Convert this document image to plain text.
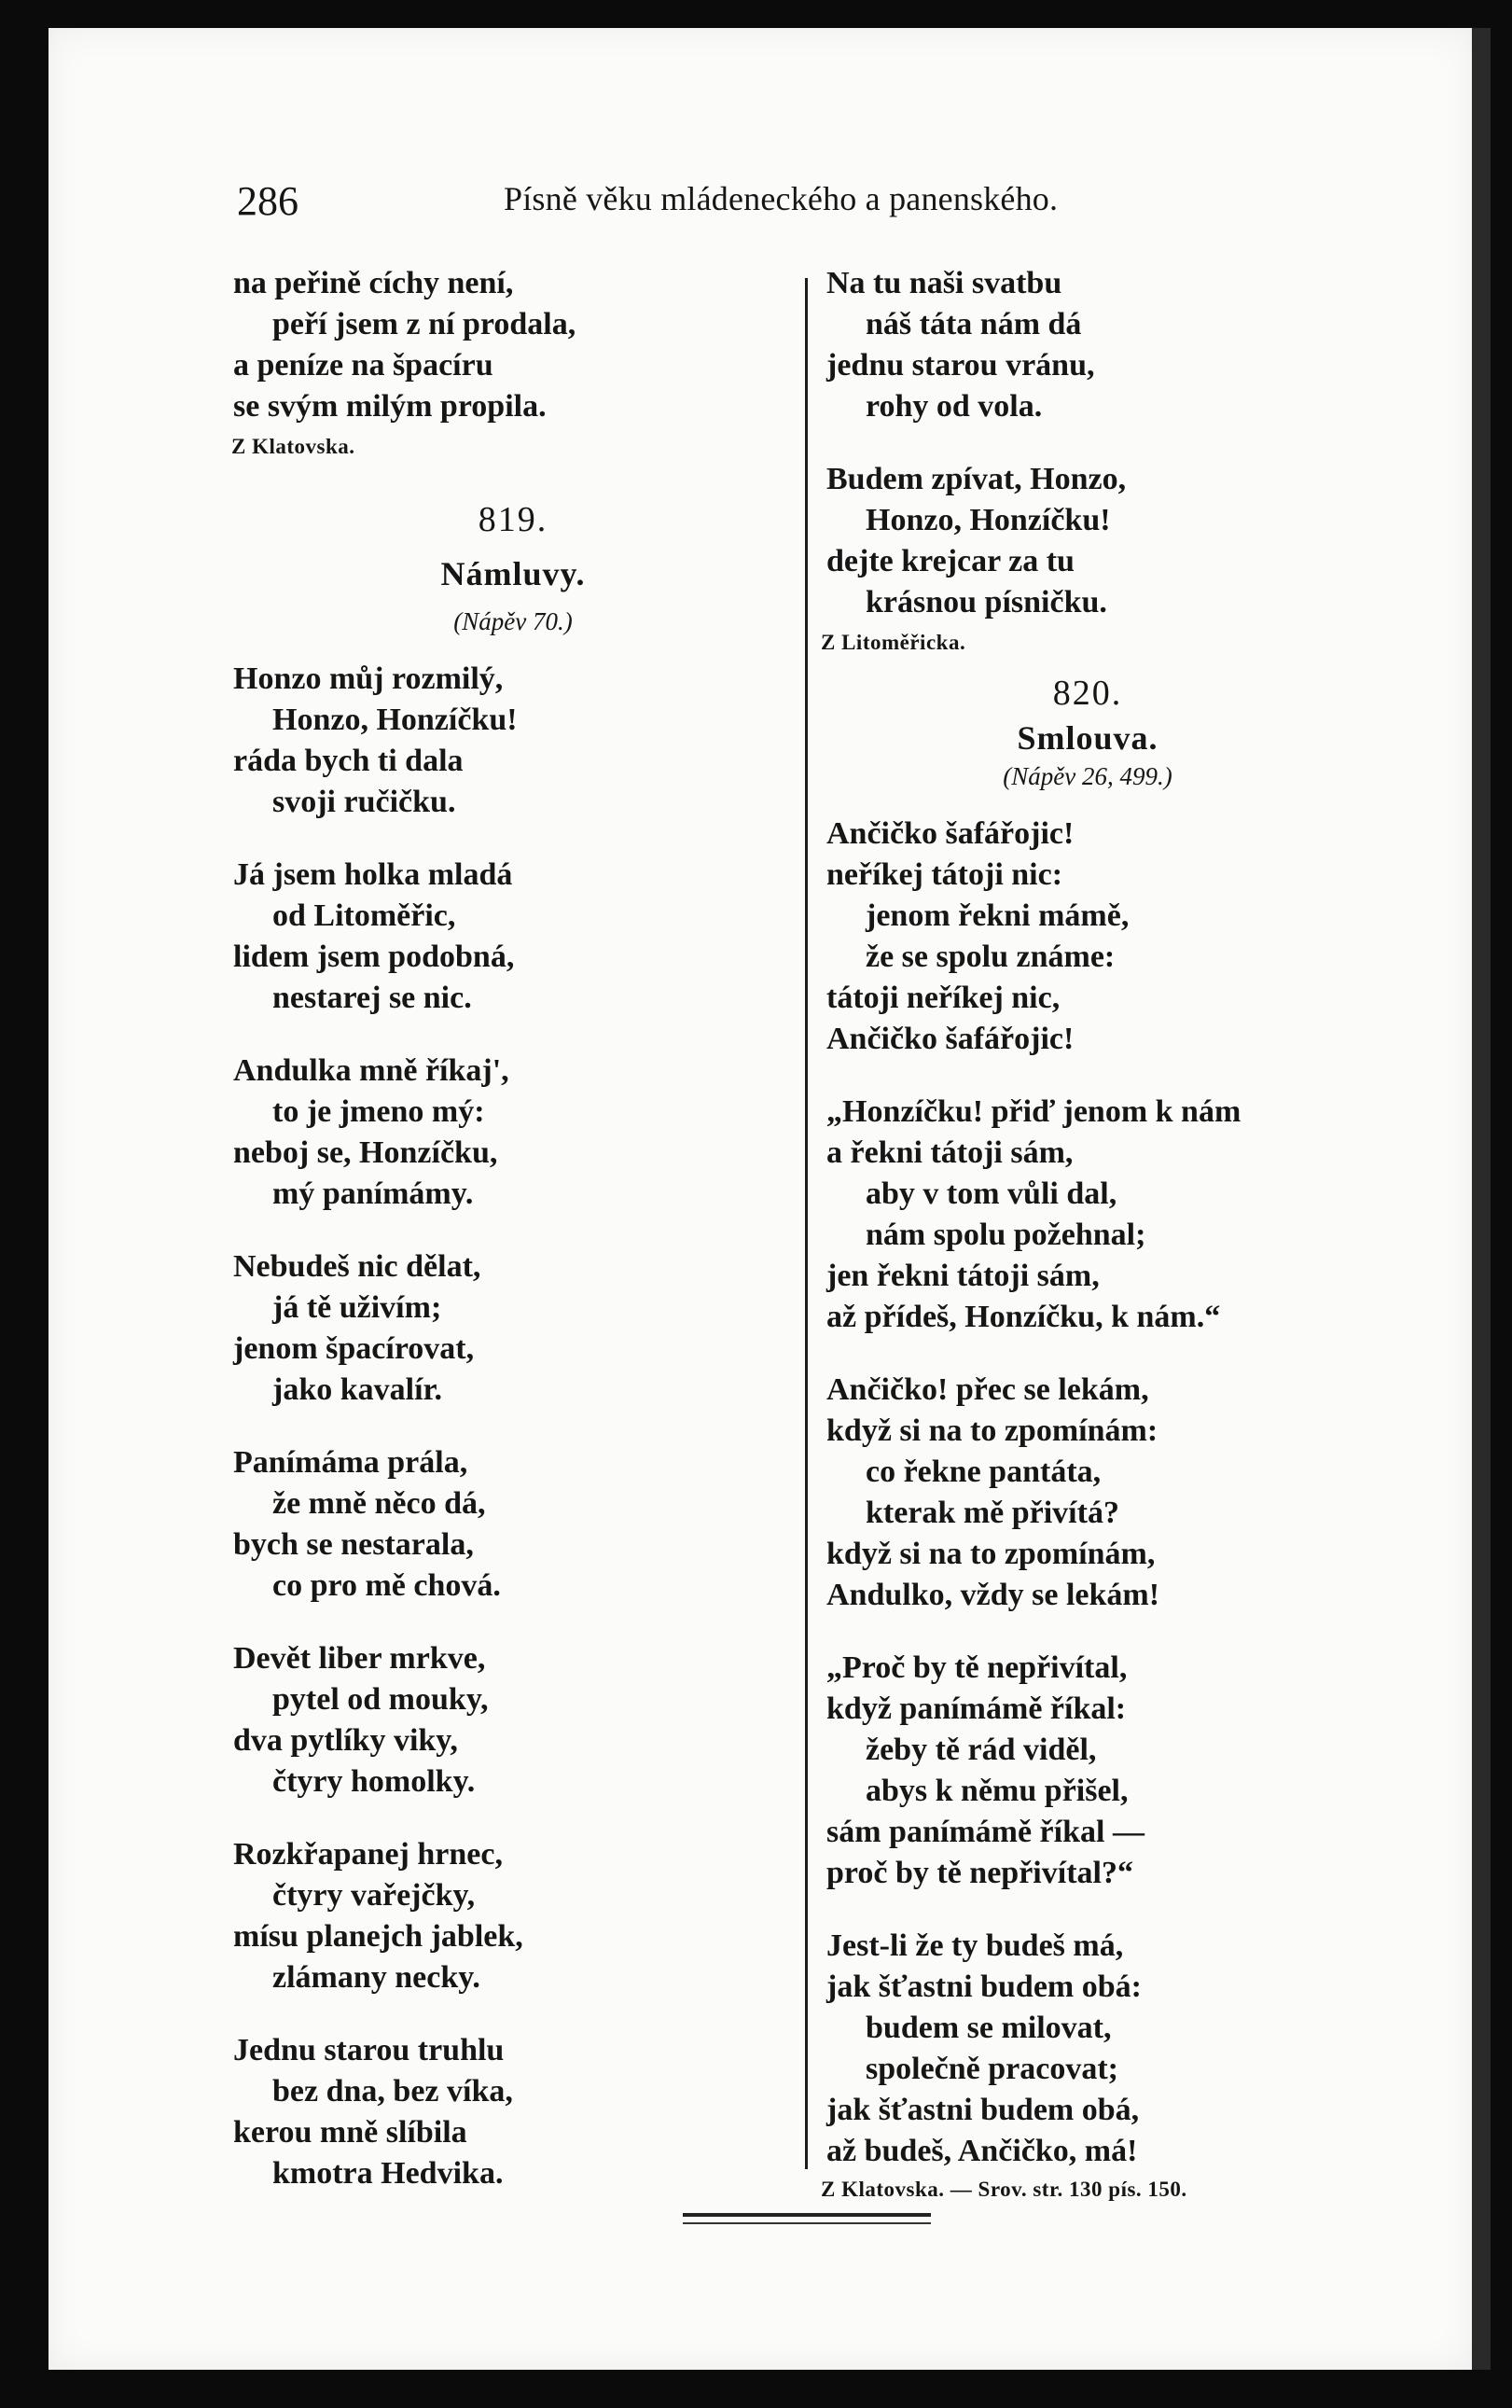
286	Písně věku mládeneckého a panenského.
na peřině cíchy není,
peří jsem z ní prodala,
a peníze na špacíru
se svým milým propila.
Z Klatovska.
819.
Námluvy.
(Nápěv 70.)
Honzo můj rozmilý,
Honzo, Honzíčku!
ráda bych ti dala
svoji ručičku.
Já jsem holka mladá
od Litoměřic,
lidem jsem podobná,
nestarej se nic.
Andulka mně říkaj',
to je jmeno mý:
neboj se, Honzíčku,
mý panímámy.
Nebudeš nic dělat,
já tě uživím;
jenom špacírovat,
jako kavalír.
Panímáma prála,
že mně něco dá,
bych se nestarala,
co pro mě chová.
Devět liber mrkve,
pytel od mouky,
dva pytlíky viky,
čtyry homolky.
Rozkřapanej hrnec,
čtyry vařejčky,
mísu planejch jablek,
zlámany necky.
Jednu starou truhlu
bez dna, bez víka,
kerou mně slíbila
kmotra Hedvika.
Na tu naši svatbu
náš táta nám dá
jednu starou vránu,
rohy od vola.
Budem zpívat, Honzo,
Honzo, Honzíčku!
dejte krejcar za tu
krásnou písničku.
Z Litoměřicka.
820.
Smlouva.
(Nápěv 26, 499.)
Ančičko šafářojic!
neříkej tátoji nic:
jenom řekni mámě,
že se spolu známe:
tátoji neříkej nic,
Ančičko šafářojic!
„Honzíčku! přiď jenom k nám
a řekni tátoji sám,
aby v tom vůli dal,
nám spolu požehnal;
jen řekni tátoji sám,
až přídeš, Honzíčku, k nám.“
Ančičko! přec se lekám,
když si na to zpomínám:
co řekne pantáta,
kterak mě přivítá?
když si na to zpomínám,
Andulko, vždy se lekám!
„Proč by tě nepřivítal,
když panímámě říkal:
žeby tě rád viděl,
abys k němu přišel,
sám panímámě říkal —
proč by tě nepřivítal?“
Jest-li že ty budeš má,
jak šťastni budem obá:
budem se milovat,
společně pracovat;
jak šťastni budem obá,
až budeš, Ančičko, má!
Z Klatovska. — Srov. str. 130 pís. 150.
